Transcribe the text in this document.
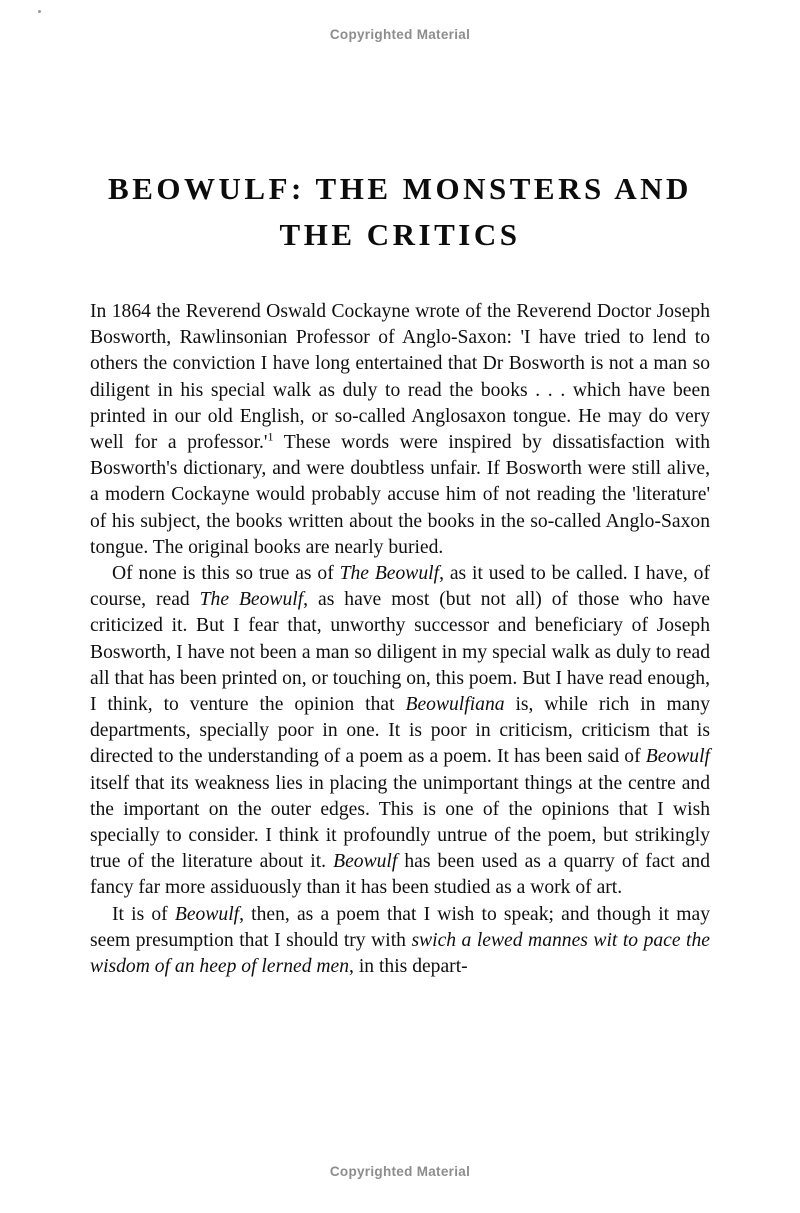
Copyrighted Material
BEOWULF: THE MONSTERS AND
THE CRITICS

In 1864 the Reverend Oswald Cockayne wrote of the Reverend Doctor Joseph Bosworth, Rawlinsonian Professor of Anglo-Saxon: 'I have tried to lend to others the conviction I have long entertained that Dr Bosworth is not a man so diligent in his special walk as duly to read the books . . . which have been printed in our old English, or so-called Anglosaxon tongue. He may do very well for a $professor.'^1$ These words were inspired by dissatisfaction with Bosworth's dictionary, and were doubtless unfair. If Bosworth were still alive, a modern Cockayne would probably accuse him of not reading the 'literature' of his subject, the books written about the books in the so-called Anglo-Saxon tongue. The original books are nearly buried.

Of none is this so true as of The Beowulf, as it used to be called. I have, of course, read The Beowulf, as have most (but not all) of those who have criticized it. But I fear that, unworthy successor and beneficiary of Joseph Bosworth, I have not been a man so diligent in my special walk as duly to read all that has been printed on, or touching on, this poem. But I have read enough, I think, to venture the opinion that Beowulfiana is, while rich in many departments, specially poor in one. It is poor in criticism, criticism that is directed to the understanding of a poem as a poem. It has been said of Beowulf itself that its weakness lies in placing the unimportant things at the centre and the important on the outer edges. This is one of the opinions that I wish specially to consider. I think it profoundly untrue of the poem, but strikingly true of the literature about it. Beowulf has been used as a quarry of fact and fancy far more assiduously than it has been studied as a work of art.

It is of Beowulf, then, as a poem that I wish to speak; and though it may seem presumption that I should try with swich a lewed mannes wit to pace the wisdom of an heep of lerned men, in this depart-

Copyrighted Material
